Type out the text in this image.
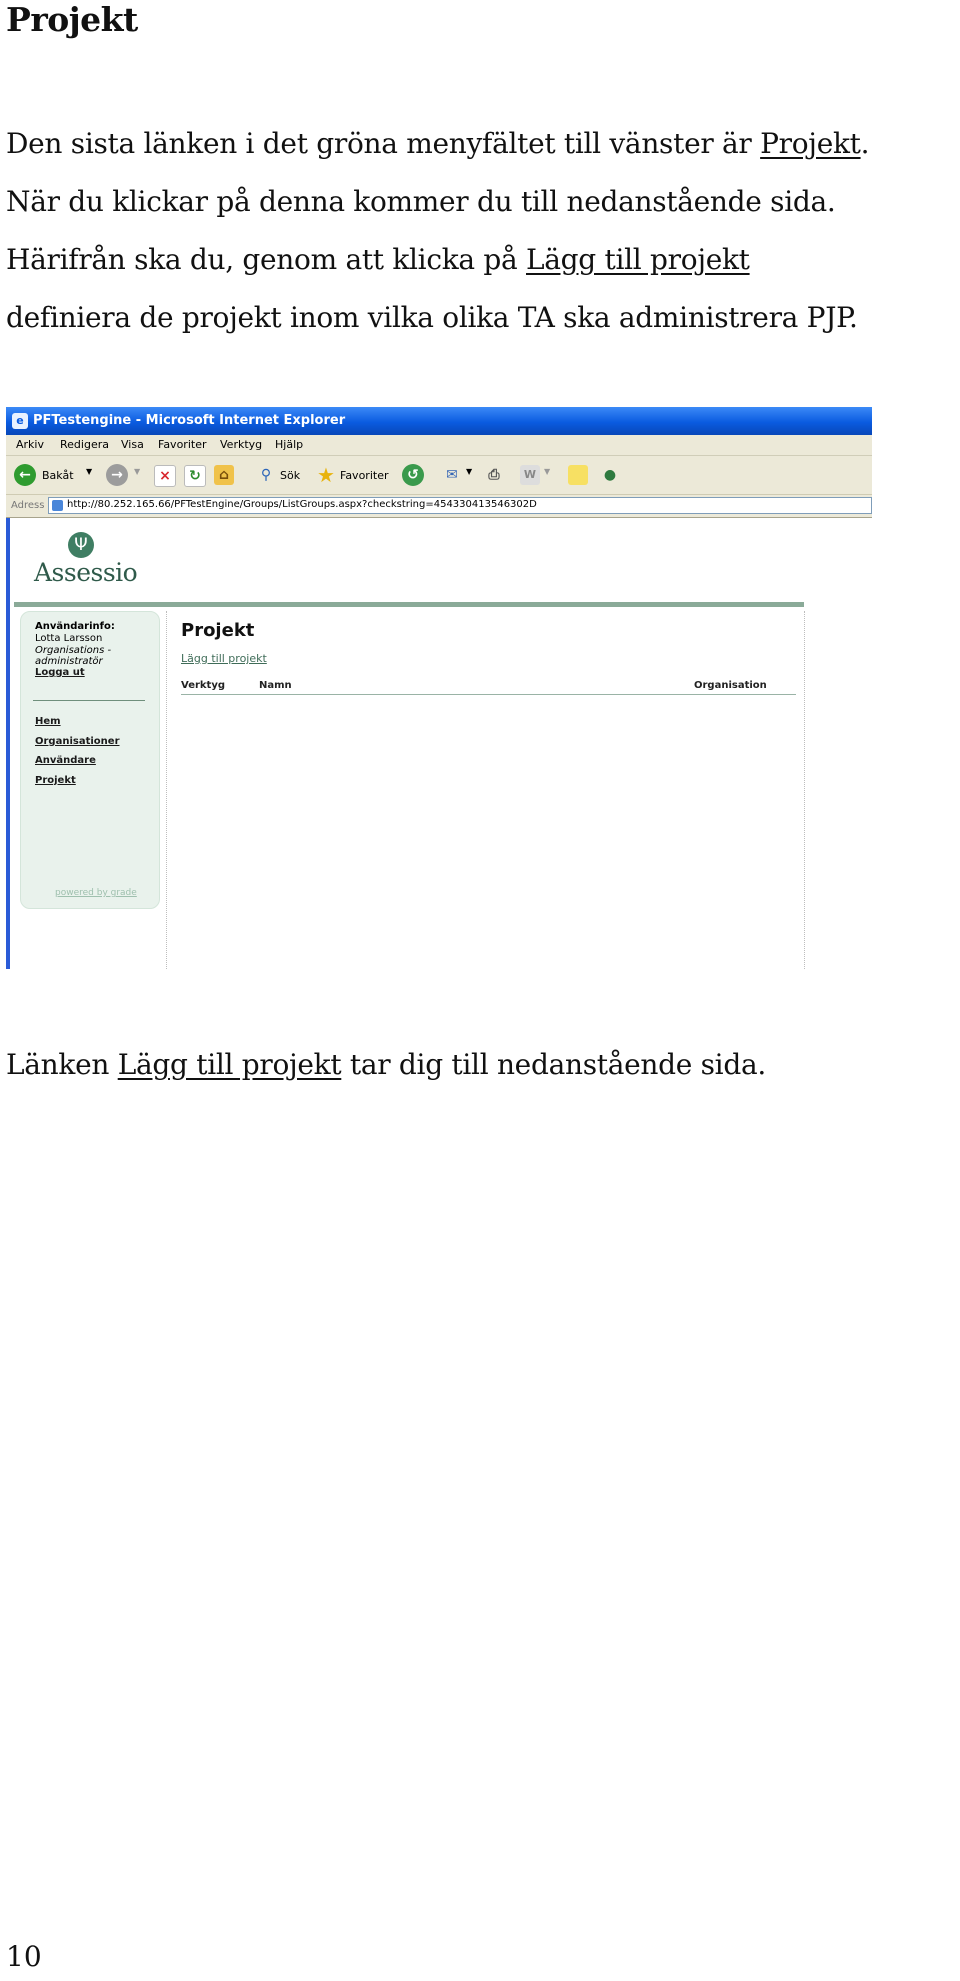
Projekt

Den sista länken i det gröna menyfältet till vänster är Projekt.
När du klickar på denna kommer du till nedanstående sida.
Härifrån ska du, genom att klicka på Lägg till projekt
definiera de projekt inom vilka olika TA ska administrera PJP.

e PFTestengine - Microsoft Internet Explorer
Arkiv Redigera Visa Favoriter Verktyg Hjälp
←	Bakåt ▼	→	▼	×	↻	⌂	⚲ Sök ★ Favoriter	↺	✉	▼	⎙	W ▼	●
Adress http://80.252.165.66/PFTestEngine/Groups/ListGroups.aspx?checkstring=454330413546302D
Ψ
Assessio
Användarinfo:
Lotta Larsson
Organisations -
administratör
Logga ut
Hem
Organisationer
Användare
Projekt
powered by grade
Projekt
Lägg till projekt
Verktyg	Namn	Organisation

Länken Lägg till projekt tar dig till nedanstående sida.

10
